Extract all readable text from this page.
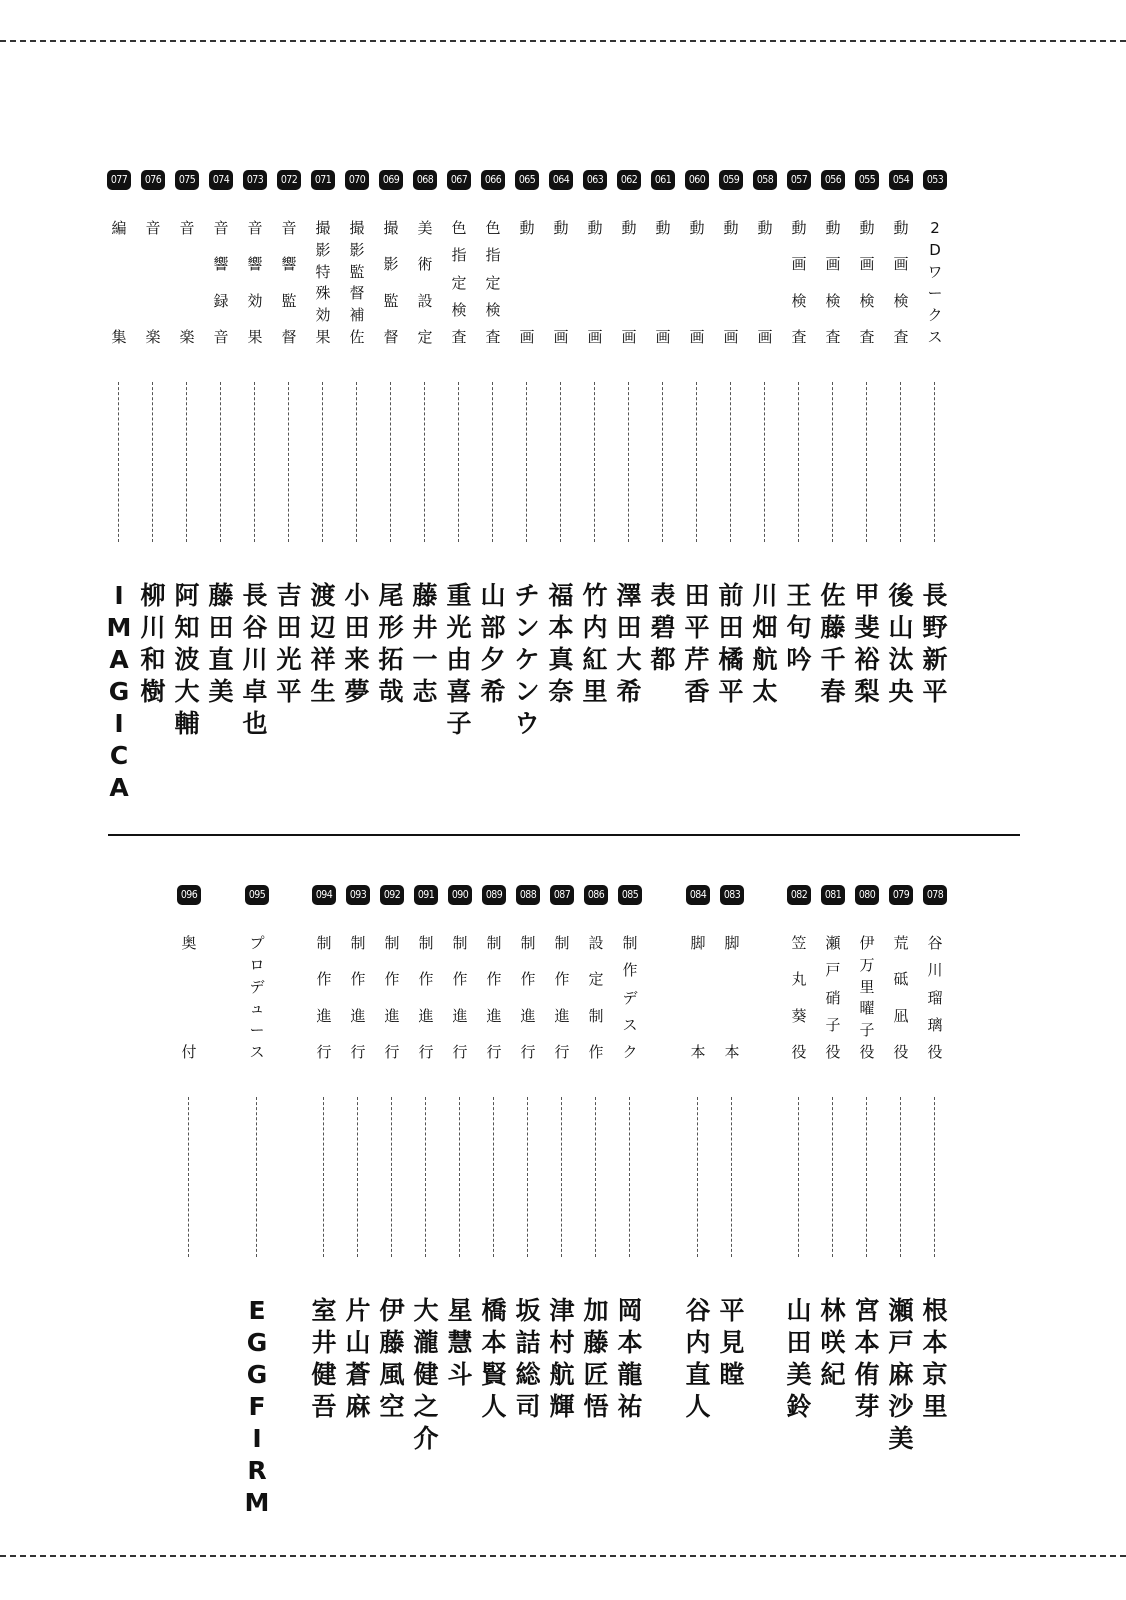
053
2
D
ワ
ー
ク
ス
長
野
新
平
054
動
画
検
査
後
山
汰
央
055
動
画
検
査
甲
斐
裕
梨
056
動
画
検
査
佐
藤
千
春
057
動
画
検
査
王
句
吟
058
動
画
川
畑
航
太
059
動
画
前
田
橘
平
060
動
画
田
平
芹
香
061
動
画
表
碧
都
062
動
画
澤
田
大
希
063
動
画
竹
内
紅
里
064
動
画
福
本
真
奈
065
動
画
チ
ン
ケ
ン
ウ
066
色
指
定
検
査
山
部
夕
希
067
色
指
定
検
査
重
光
由
喜
子
068
美
術
設
定
藤
井
一
志
069
撮
影
監
督
尾
形
拓
哉
070
撮
影
監
督
補
佐
小
田
来
夢
071
撮
影
特
殊
効
果
渡
辺
祥
生
072
音
響
監
督
吉
田
光
平
073
音
響
効
果
長
谷
川
卓
也
074
音
響
録
音
藤
田
直
美
075
音
楽
阿
知
波
大
輔
076
音
楽
柳
川
和
樹
077
編
集
I
M
A
G
I
C
A
078
谷
川
瑠
璃
役
根
本
京
里
079
荒
砥
凪
役
瀬
戸
麻
沙
美
080
伊
万
里
曜
子
役
宮
本
侑
芽
081
瀬
戸
硝
子
役
林
咲
紀
082
笠
丸
葵
役
山
田
美
鈴
083
脚
本
平
見
瞠
084
脚
本
谷
内
直
人
085
制
作
デ
ス
ク
岡
本
龍
祐
086
設
定
制
作
加
藤
匠
悟
087
制
作
進
行
津
村
航
輝
088
制
作
進
行
坂
詰
総
司
089
制
作
進
行
橋
本
賢
人
090
制
作
進
行
星
慧
斗
091
制
作
進
行
大
瀧
健
之
介
092
制
作
進
行
伊
藤
風
空
093
制
作
進
行
片
山
蒼
麻
094
制
作
進
行
室
井
健
吾
095
プ
ロ
デ
ュ
ー
ス
E
G
G
F
I
R
M
096
奥
付
